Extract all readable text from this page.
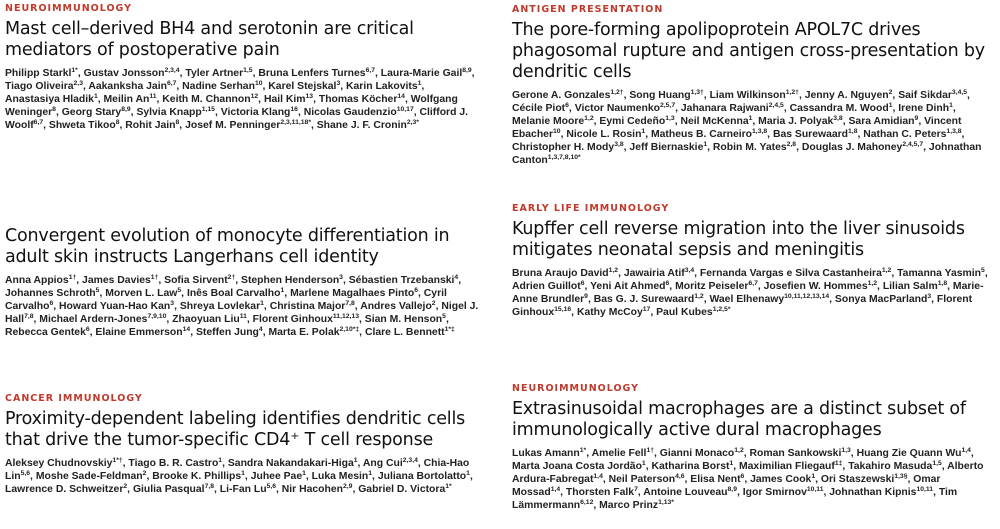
NEUROIMMUNOLOGY
Mast cell–derived BH4 and serotonin are critical mediators of postoperative pain
Philipp Starkl$^{1*}$, Gustav Jonsson$^{2,3,4}$, Tyler Artner$^{1,5}$, Bruna Lenfers Turnes$^{6,7}$, Laura-Marie Gail$^{8,9}$, Tiago Oliveira$^{2,3}$, Aakanksha Jain$^{6,7}$, Nadine Serhan$^{10}$, Karel Stejskal$^3$, Karin Lakovits$^1$, Anastasiya Hladik$^1$, Meilin An$^{11}$, Keith M. Channon$^{12}$, Hail Kim$^{13}$, Thomas Köcher$^{14}$, Wolfgang Weninger$^8$, Georg Stary$^{8,9}$, Sylvia Knapp$^{1,15}$, Victoria Klang$^{16}$, Nicolas Gaudenzio$^{10,17}$, Clifford J. Woolf$^{6,7}$, Shweta Tikoo$^8$, Rohit Jain$^8$, Josef M. Penninger$^{2,3,11,18*}$, Shane J. F. Cronin$^{2,3*}$
ANTIGEN PRESENTATION
The pore-forming apolipoprotein APOL7C drives phagosomal rupture and antigen cross-presentation by dendritic cells
Gerone A. Gonzales$^{1,2\dagger}$, Song Huang$^{1,3\dagger}$, Liam Wilkinson$^{1,2\dagger}$, Jenny A. Nguyen$^2$, Saif Sikdar$^{3,4,5}$, Cécile Piot$^6$, Victor Naumenko$^{2,5,7}$, Jahanara Rajwani$^{2,4,5}$, Cassandra M. Wood$^1$, Irene Dinh$^1$, Melanie Moore$^{1,2}$, Eymi Cedeño$^{1,3}$, Neil McKenna$^1$, Maria J. Polyak$^{3,8}$, Sara Amidian$^9$, Vincent Ebacher$^{10}$, Nicole L. Rosin$^1$, Matheus B. Carneiro$^{1,3,8}$, Bas Surewaard$^{1,8}$, Nathan C. Peters$^{1,3,8}$, Christopher H. Mody$^{3,8}$, Jeff Biernaskie$^1$, Robin M. Yates$^{2,8}$, Douglas J. Mahoney$^{2,4,5,7}$, Johnathan Canton$^{1,3,7,8,10*}$
Convergent evolution of monocyte differentiation in adult skin instructs Langerhans cell identity
Anna Appios$^{1\dagger}$, James Davies$^{1\dagger}$, Sofia Sirvent$^{2\dagger}$, Stephen Henderson$^3$, Sébastien Trzebanski$^4$, Johannes Schroth$^5$, Morven L. Law$^5$, Inês Boal Carvalho$^1$, Marlene Magalhaes Pinto$^6$, Cyril Carvalho$^6$, Howard Yuan-Hao Kan$^3$, Shreya Lovlekar$^1$, Christina Major$^{7,8}$, Andres Vallejo$^2$, Nigel J. Hall$^{7,8}$, Michael Ardern-Jones$^{7,9,10}$, Zhaoyuan Liu$^{11}$, Florent Ginhoux$^{11,12,13}$, Sian M. Henson$^5$, Rebecca Gentek$^6$, Elaine Emmerson$^{14}$, Steffen Jung$^4$, Marta E. Polak$^{2,10*\ddagger}$, Clare L. Bennett$^{1*\ddagger}$
EARLY LIFE IMMUNOLOGY
Kupffer cell reverse migration into the liver sinusoids mitigates neonatal sepsis and meningitis
Bruna Araujo David$^{1,2}$, Jawairia Atif$^{3,4}$, Fernanda Vargas e Silva Castanheira$^{1,2}$, Tamanna Yasmin$^5$, Adrien Guillot$^6$, Yeni Ait Ahmed$^6$, Moritz Peiseler$^{6,7}$, Josefien W. Hommes$^{1,2}$, Lilian Salm$^{1,8}$, Marie-Anne Brundler$^9$, Bas G. J. Surewaard$^{1,2}$, Wael Elhenawy$^{10,11,12,13,14}$, Sonya MacParland$^3$, Florent Ginhoux$^{15,16}$, Kathy McCoy$^{17}$, Paul Kubes$^{1,2,5*}$
CANCER IMMUNOLOGY
Proximity-dependent labeling identifies dendritic cells that drive the tumor-specific CD4⁺ T cell response
Aleksey Chudnovskiy$^{1*\dagger}$, Tiago B. R. Castro$^1$, Sandra Nakandakari-Higa$^1$, Ang Cui$^{2,3,4}$, Chia-Hao Lin$^{5,6}$, Moshe Sade-Feldman$^2$, Brooke K. Phillips$^1$, Juhee Pae$^1$, Luka Mesin$^1$, Juliana Bortolatto$^1$, Lawrence D. Schweitzer$^2$, Giulia Pasqual$^{7,8}$, Li-Fan Lu$^{5,6}$, Nir Hacohen$^{2,9}$, Gabriel D. Victora$^{1*}$
NEUROIMMUNOLOGY
Extrasinusoidal macrophages are a distinct subset of immunologically active dural macrophages
Lukas Amann$^{1*}$, Amelie Fell$^{1\dagger}$, Gianni Monaco$^{1,2}$, Roman Sankowski$^{1,3}$, Huang Zie Quann Wu$^{1,4}$, Marta Joana Costa Jordão$^1$, Katharina Borst$^1$, Maximilian Fliegauf$^{1\ddagger}$, Takahiro Masuda$^{1,5}$, Alberto Ardura-Fabregat$^{1,4}$, Neil Paterson$^{4,6}$, Elisa Nent$^6$, James Cook$^1$, Ori Staszewski$^{1,3\S}$, Omar Mossad$^{1,4}$, Thorsten Falk$^7$, Antoine Louveau$^{8,9}$, Igor Smirnov$^{10,11}$, Johnathan Kipnis$^{10,11}$, Tim Lämmermann$^{6,12}$, Marco Prinz$^{1,13*}$
